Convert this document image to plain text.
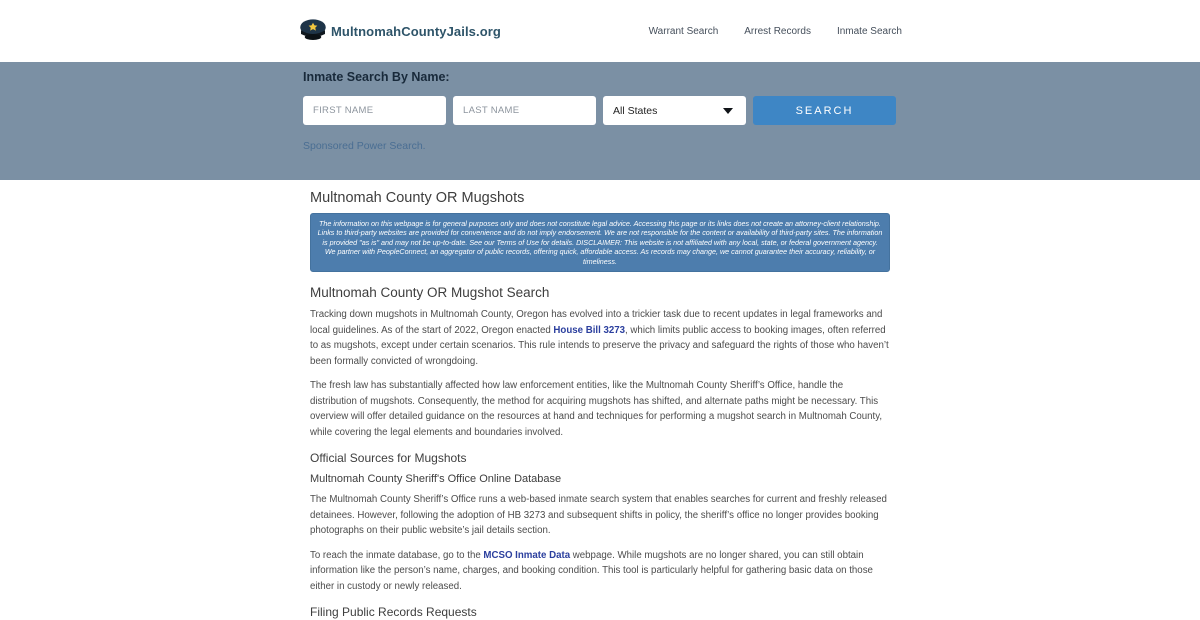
MultnomahCountyJails.org	Warrant Search	Arrest Records	Inmate Search
Inmate Search By Name:
FIRST NAME
LAST NAME
All States	SEARCH
Sponsored Power Search.
Multnomah County OR Mugshots
The information on this webpage is for general purposes only and does not constitute legal advice. Accessing this page or its links does not create an attorney-client relationship. Links to third-party websites are provided for convenience and do not imply endorsement. We are not responsible for the content or availability of third-party sites. The information is provided "as is" and may not be up-to-date. See our Terms of Use for details. DISCLAIMER: This website is not affiliated with any local, state, or federal government agency. We partner with PeopleConnect, an aggregator of public records, offering quick, affordable access. As records may change, we cannot guarantee their accuracy, reliability, or timeliness.
Multnomah County OR Mugshot Search

Tracking down mugshots in Multnomah County, Oregon has evolved into a trickier task due to recent updates in legal frameworks and local guidelines. As of the start of 2022, Oregon enacted House Bill 3273, which limits public access to booking images, often referred to as mugshots, except under certain scenarios. This rule intends to preserve the privacy and safeguard the rights of those who haven’t been formally convicted of wrongdoing.

The fresh law has substantially affected how law enforcement entities, like the Multnomah County Sheriff’s Office, handle the distribution of mugshots. Consequently, the method for acquiring mugshots has shifted, and alternate paths might be necessary. This overview will offer detailed guidance on the resources at hand and techniques for performing a mugshot search in Multnomah County, while covering the legal elements and boundaries involved.

Official Sources for Mugshots
Multnomah County Sheriff's Office Online Database

The Multnomah County Sheriff’s Office runs a web-based inmate search system that enables searches for current and freshly released detainees. However, following the adoption of HB 3273 and subsequent shifts in policy, the sheriff’s office no longer provides booking photographs on their public website’s jail details section.

To reach the inmate database, go to the MCSO Inmate Data webpage. While mugshots are no longer shared, you can still obtain information like the person’s name, charges, and booking condition. This tool is particularly helpful for gathering basic data on those either in custody or newly released.

Filing Public Records Requests
